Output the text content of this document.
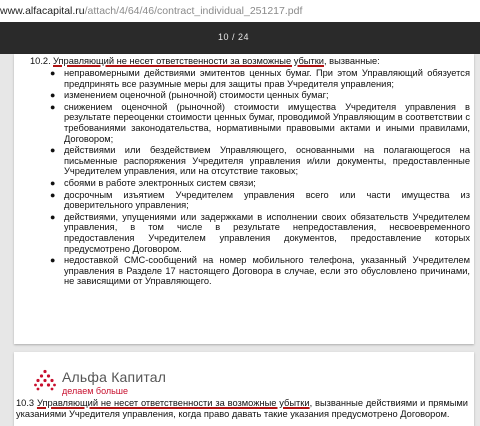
www.alfacapital.ru/attach/4/64/46/contract_individual_251217.pdf
10 / 24
10.2. Управляющий не несет ответственности за возможные убытки, вызванные:
● неправомерными действиями эмитентов ценных бумаг. При этом Управляющий обязуется предпринять все разумные меры для защиты прав Учредителя управления;
● изменением оценочной (рыночной) стоимости ценных бумаг;
● снижением оценочной (рыночной) стоимости имущества Учредителя управления в результате переоценки стоимости ценных бумаг, проводимой Управляющим в соответствии с требованиями законодательства, нормативными правовыми актами и иными правилами, Договором;
● действиями или бездействием Управляющего, основанными на полагающегося на письменные распоряжения Учредителя управления и/или документы, предоставленные Учредителем управления, или на отсутствие таковых;
● сбоями в работе электронных систем связи;
● досрочным изъятием Учредителем управления всего или части имущества из доверительного управления;
● действиями, упущениями или задержками в исполнении своих обязательств Учредителем управления, в том числе в результате непредоставления, несвоевременного предоставления Учредителем управления документов, предоставление которых предусмотрено Договором.
● недоставкой СМС-сообщений на номер мобильного телефона, указанный Учредителем управления в Разделе 17 настоящего Договора в случае, если это обусловлено причинами, не зависящими от Управляющего.
Альфа Капитал
делаем больше
10.3 Управляющий не несет ответственности за возможные убытки, вызванные действиями и прямыми указаниями Учредителя управления, когда право давать такие указания предусмотрено Договором.
